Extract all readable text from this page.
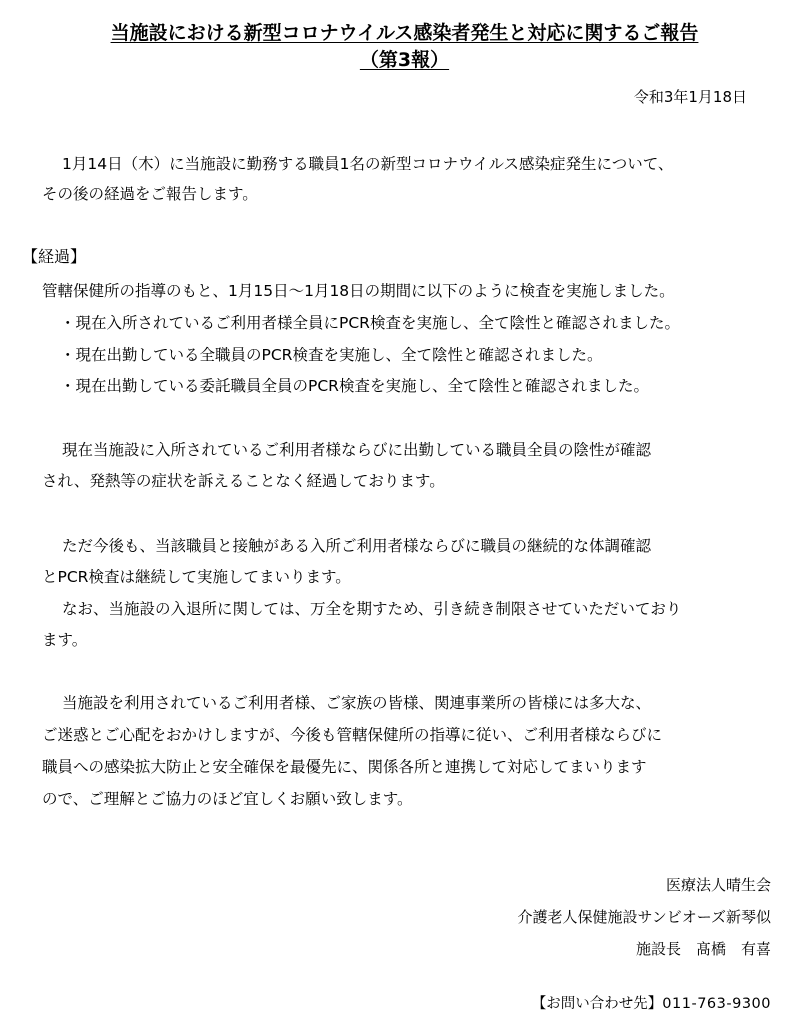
当施設における新型コロナウイルス感染者発生と対応に関するご報告
（第3報）
令和3年1月18日
1月14日（木）に当施設に勤務する職員1名の新型コロナウイルス感染症発生について、
その後の経過をご報告します。
【経過】
管轄保健所の指導のもと、1月15日～1月18日の期間に以下のように検査を実施しました。
・現在入所されているご利用者様全員にPCR検査を実施し、全て陰性と確認されました。
・現在出勤している全職員のPCR検査を実施し、全て陰性と確認されました。
・現在出勤している委託職員全員のPCR検査を実施し、全て陰性と確認されました。
現在当施設に入所されているご利用者様ならびに出勤している職員全員の陰性が確認
され、発熱等の症状を訴えることなく経過しております。
ただ今後も、当該職員と接触がある入所ご利用者様ならびに職員の継続的な体調確認
とPCR検査は継続して実施してまいります。
なお、当施設の入退所に関しては、万全を期すため、引き続き制限させていただいており
ます。
当施設を利用されているご利用者様、ご家族の皆様、関連事業所の皆様には多大な、
ご迷惑とご心配をおかけしますが、今後も管轄保健所の指導に従い、ご利用者様ならびに
職員への感染拡大防止と安全確保を最優先に、関係各所と連携して対応してまいります
ので、ご理解とご協力のほど宜しくお願い致します。
医療法人晴生会
介護老人保健施設サンビオーズ新琴似
施設長　髙橋　有喜
【お問い合わせ先】011-763-9300
